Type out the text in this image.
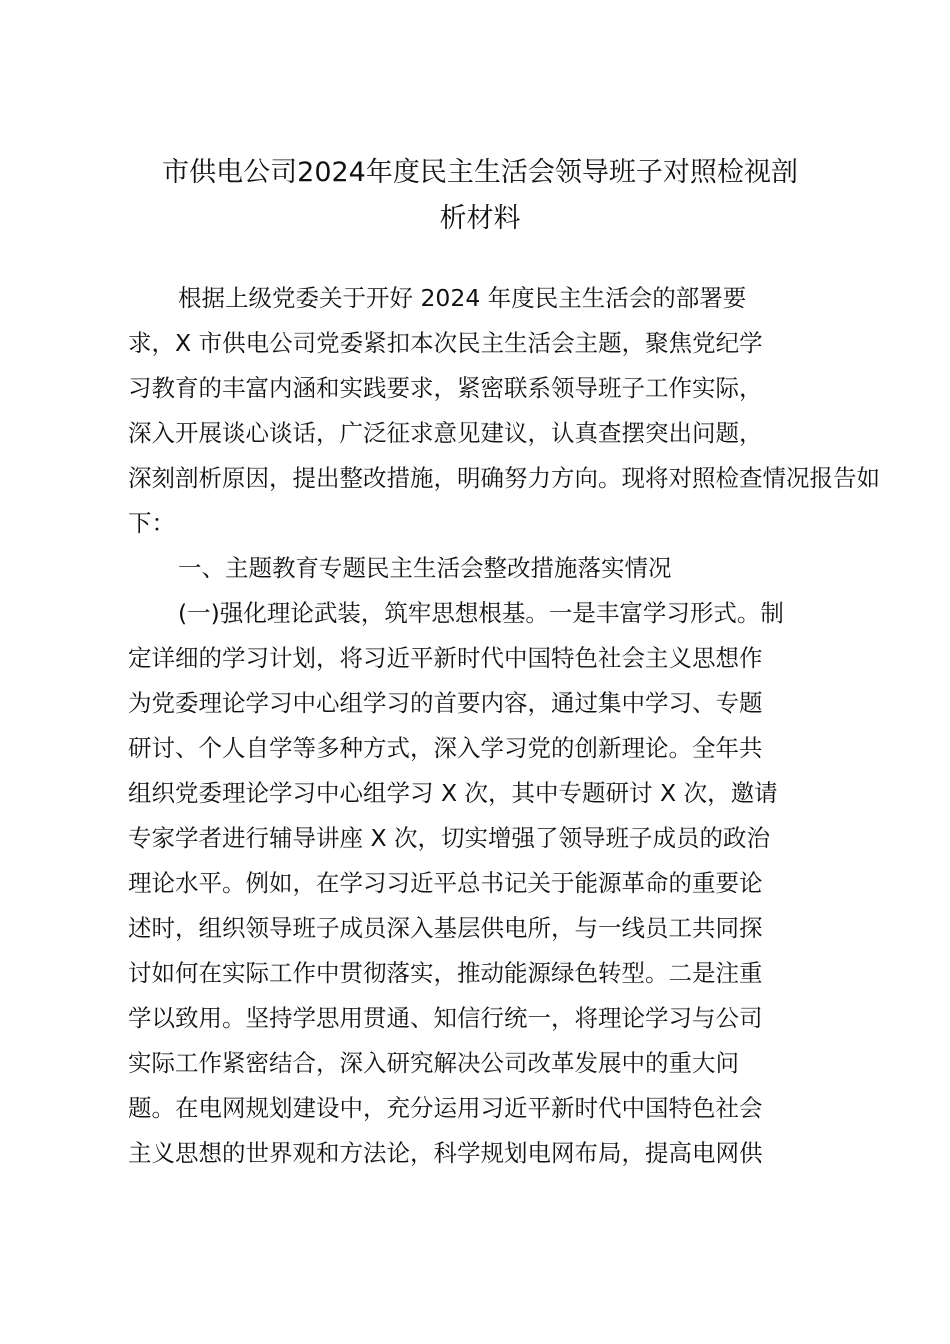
市供电公司2024年度民主生活会领导班子对照检视剖
析材料
根据上级党委关于开好 2024 年度民主生活会的部署要
求，X 市供电公司党委紧扣本次民主生活会主题，聚焦党纪学
习教育的丰富内涵和实践要求，紧密联系领导班子工作实际，
深入开展谈心谈话，广泛征求意见建议，认真查摆突出问题，
深刻剖析原因，提出整改措施，明确努力方向。现将对照检查情况报告如
下：
一、主题教育专题民主生活会整改措施落实情况
(一)强化理论武装，筑牢思想根基。一是丰富学习形式。制
定详细的学习计划，将习近平新时代中国特色社会主义思想作
为党委理论学习中心组学习的首要内容，通过集中学习、专题
研讨、个人自学等多种方式，深入学习党的创新理论。全年共
组织党委理论学习中心组学习 X 次，其中专题研讨 X 次，邀请
专家学者进行辅导讲座 X 次，切实增强了领导班子成员的政治
理论水平。例如，在学习习近平总书记关于能源革命的重要论
述时，组织领导班子成员深入基层供电所，与一线员工共同探
讨如何在实际工作中贯彻落实，推动能源绿色转型。二是注重
学以致用。坚持学思用贯通、知信行统一，将理论学习与公司
实际工作紧密结合，深入研究解决公司改革发展中的重大问
题。在电网规划建设中，充分运用习近平新时代中国特色社会
主义思想的世界观和方法论，科学规划电网布局，提高电网供
